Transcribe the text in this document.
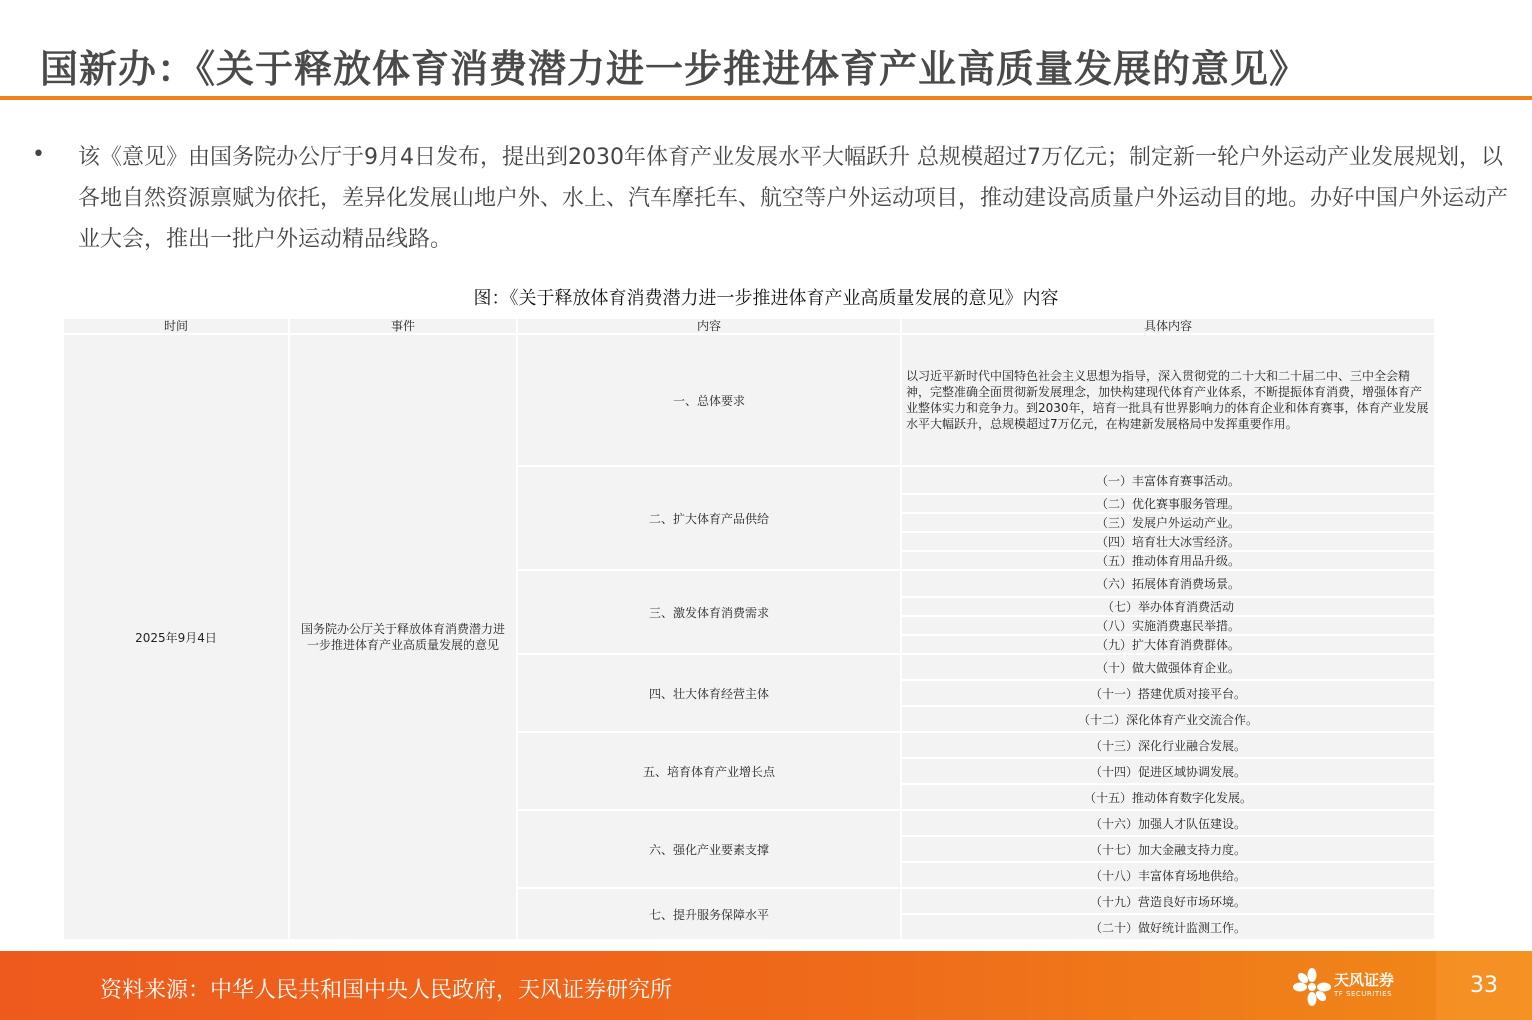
国新办：《关于释放体育消费潜力进一步推进体育产业高质量发展的意见》
• 该《意见》由国务院办公厅于9月4日发布，提出到2030年体育产业发展水平大幅跃升 总规模超过7万亿元；制定新一轮户外运动产业发展规划，以各地自然资源禀赋为依托，差异化发展山地户外、水上、汽车摩托车、航空等户外运动项目，推动建设高质量户外运动目的地。办好中国户外运动产业大会，推出一批户外运动精品线路。

图：《关于释放体育消费潜力进一步推进体育产业高质量发展的意见》内容
时间	事件	内容	具体内容
2025年9月4日	国务院办公厅关于释放体育消费潜力进一步推进体育产业高质量发展的意见	一、总体要求	以习近平新时代中国特色社会主义思想为指导，深入贯彻党的二十大和二十届二中、三中全会精神，完整准确全面贯彻新发展理念，加快构建现代体育产业体系，不断提振体育消费，增强体育产业整体实力和竞争力。到2030年，培育一批具有世界影响力的体育企业和体育赛事，体育产业发展水平大幅跃升，总规模超过7万亿元，在构建新发展格局中发挥重要作用。
		二、扩大体育产品供给	（一）丰富体育赛事活动。
			（二）优化赛事服务管理。
			（三）发展户外运动产业。
			（四）培育壮大冰雪经济。
			（五）推动体育用品升级。
		三、激发体育消费需求	（六）拓展体育消费场景。
			（七）举办体育消费活动
			（八）实施消费惠民举措。
			（九）扩大体育消费群体。
		四、壮大体育经营主体	（十）做大做强体育企业。
			（十一）搭建优质对接平台。
			（十二）深化体育产业交流合作。
		五、培育体育产业增长点	（十三）深化行业融合发展。
			（十四）促进区域协调发展。
			（十五）推动体育数字化发展。
		六、强化产业要素支撑	（十六）加强人才队伍建设。
			（十七）加大金融支持力度。
			（十八）丰富体育场地供给。
		七、提升服务保障水平	（十九）营造良好市场环境。
			（二十）做好统计监测工作。
资料来源：中华人民共和国中央人民政府，天风证券研究所	天风证券
TF SECURITIES	33
